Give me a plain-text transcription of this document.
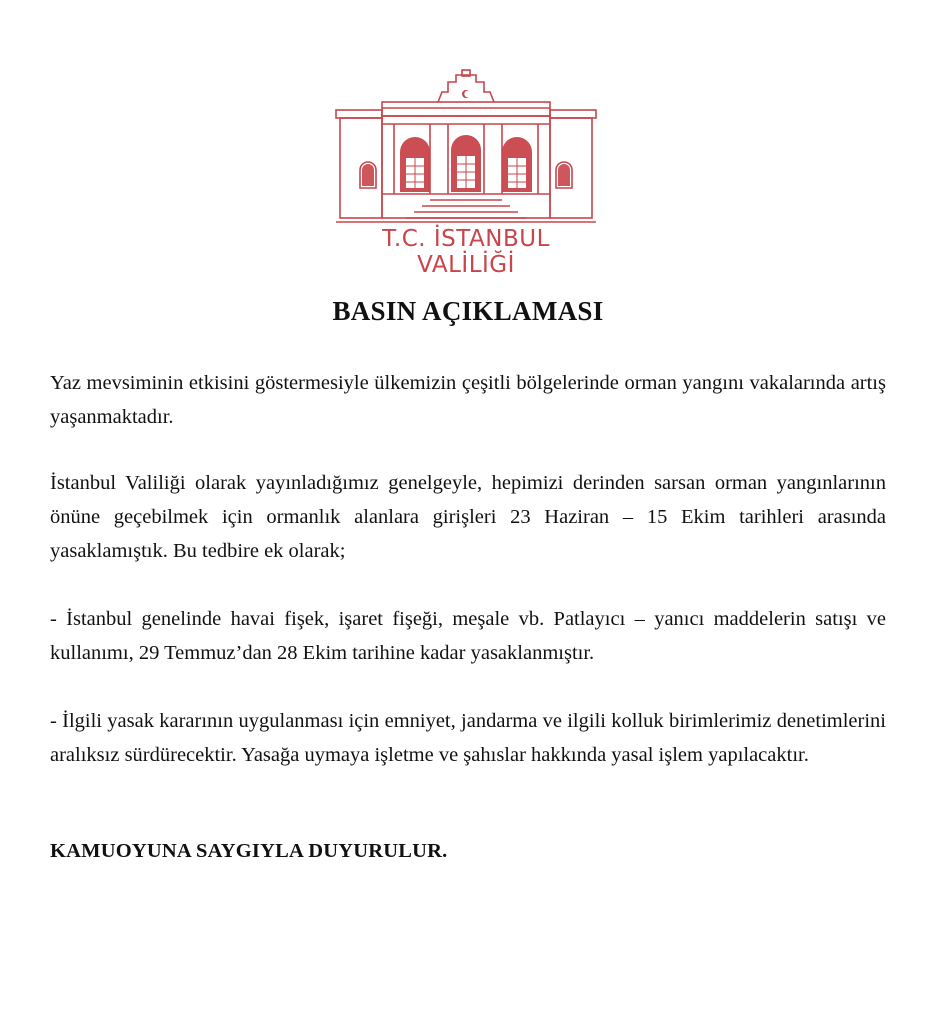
T.C. İSTANBUL VALİLİĞİ
BASIN AÇIKLAMASI
Yaz mevsiminin etkisini göstermesiyle ülkemizin çeşitli bölgelerinde orman yangını vakalarında artış yaşanmaktadır.
İstanbul Valiliği olarak yayınladığımız genelgeyle, hepimizi derinden sarsan orman yangınlarının önüne geçebilmek için ormanlık alanlara girişleri 23 Haziran – 15 Ekim tarihleri arasında yasaklamıştık. Bu tedbire ek olarak;
- İstanbul genelinde havai fişek, işaret fişeği, meşale vb. Patlayıcı – yanıcı maddelerin satışı ve kullanımı, 29 Temmuz’dan 28 Ekim tarihine kadar yasaklanmıştır.
- İlgili yasak kararının uygulanması için emniyet, jandarma ve ilgili kolluk birimlerimiz denetimlerini aralıksız sürdürecektir. Yasağa uymaya işletme ve şahıslar hakkında yasal işlem yapılacaktır.
KAMUOYUNA SAYGIYLA DUYURULUR.
